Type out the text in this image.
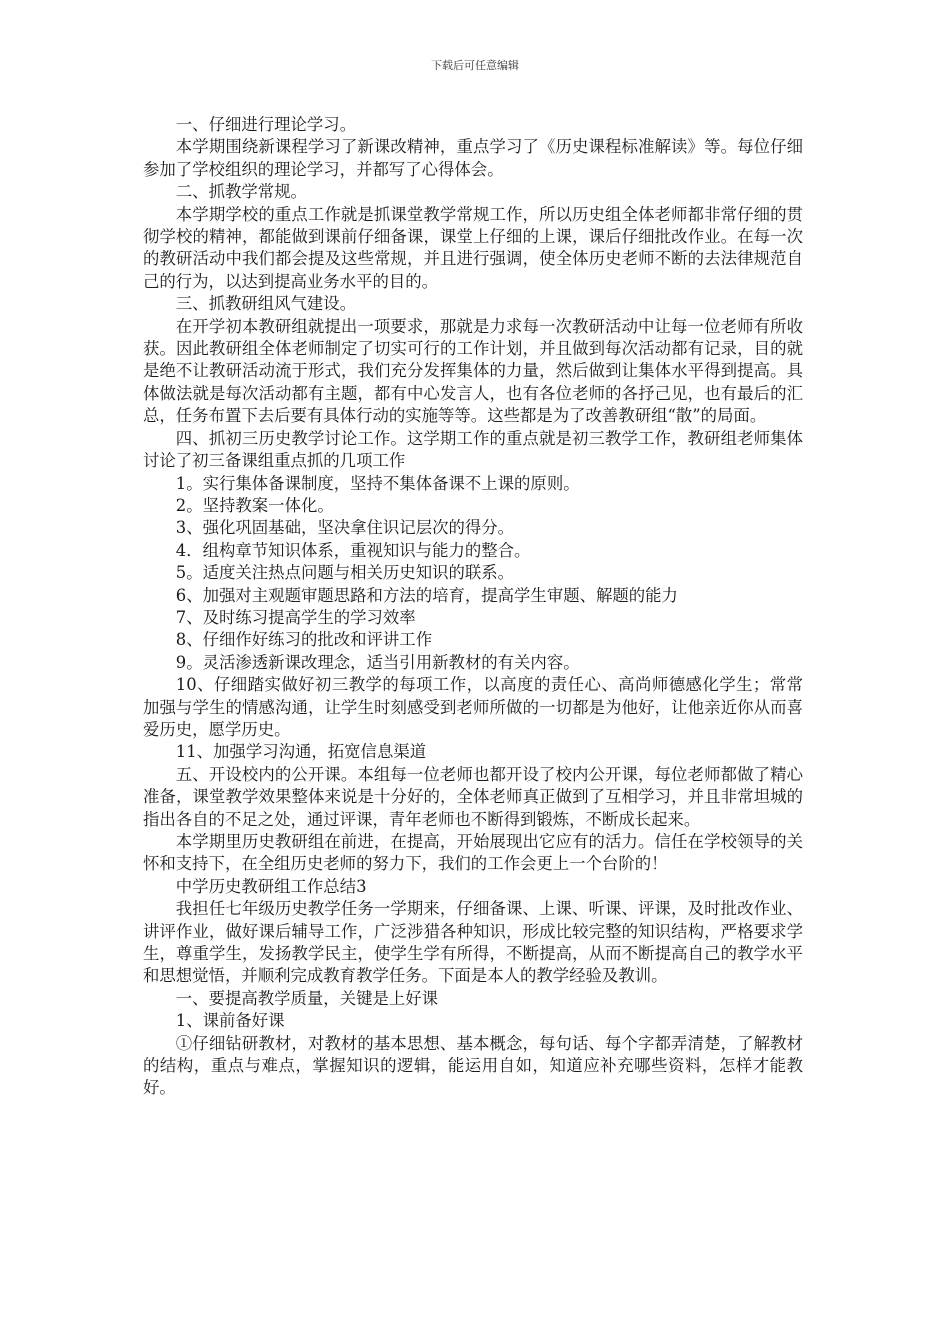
下载后可任意编辑

一、仔细进行理论学习。

本学期围绕新课程学习了新课改精神，重点学习了《历史课程标准解读》等。每位仔细参加了学校组织的理论学习，并都写了心得体会。

二、抓教学常规。

本学期学校的重点工作就是抓课堂教学常规工作，所以历史组全体老师都非常仔细的贯彻学校的精神，都能做到课前仔细备课，课堂上仔细的上课，课后仔细批改作业。在每一次的教研活动中我们都会提及这些常规，并且进行强调，使全体历史老师不断的去法律规范自己的行为，以达到提高业务水平的目的。

三、抓教研组风气建设。

在开学初本教研组就提出一项要求，那就是力求每一次教研活动中让每一位老师有所收获。因此教研组全体老师制定了切实可行的工作计划，并且做到每次活动都有记录，目的就是绝不让教研活动流于形式，我们充分发挥集体的力量，然后做到让集体水平得到提高。具体做法就是每次活动都有主题，都有中心发言人，也有各位老师的各抒己见，也有最后的汇总，任务布置下去后要有具体行动的实施等等。这些都是为了改善教研组“散”的局面。

四、抓初三历史教学讨论工作。这学期工作的重点就是初三教学工作，教研组老师集体讨论了初三备课组重点抓的几项工作

1。实行集体备课制度，坚持不集体备课不上课的原则。

2。坚持教案一体化。

3、强化巩固基础，坚决拿住识记层次的得分。

4．组构章节知识体系，重视知识与能力的整合。

5。适度关注热点问题与相关历史知识的联系。

6、加强对主观题审题思路和方法的培育，提高学生审题、解题的能力

7、及时练习提高学生的学习效率

8、仔细作好练习的批改和评讲工作

9。灵活渗透新课改理念，适当引用新教材的有关内容。

10、仔细踏实做好初三教学的每项工作，以高度的责任心、高尚师德感化学生；常常加强与学生的情感沟通，让学生时刻感受到老师所做的一切都是为他好，让他亲近你从而喜爱历史，愿学历史。

11、加强学习沟通，拓宽信息渠道

五、开设校内的公开课。本组每一位老师也都开设了校内公开课，每位老师都做了精心准备，课堂教学效果整体来说是十分好的，全体老师真正做到了互相学习，并且非常坦城的指出各自的不足之处，通过评课，青年老师也不断得到锻炼，不断成长起来。

本学期里历史教研组在前进，在提高，开始展现出它应有的活力。信任在学校领导的关怀和支持下，在全组历史老师的努力下，我们的工作会更上一个台阶的！

中学历史教研组工作总结3

我担任七年级历史教学任务一学期来，仔细备课、上课、听课、评课，及时批改作业、讲评作业，做好课后辅导工作，广泛涉猎各种知识，形成比较完整的知识结构，严格要求学生，尊重学生，发扬教学民主，使学生学有所得，不断提高，从而不断提高自己的教学水平和思想觉悟，并顺利完成教育教学任务。下面是本人的教学经验及教训。

一、要提高教学质量，关键是上好课

1、课前备好课

①仔细钻研教材，对教材的基本思想、基本概念，每句话、每个字都弄清楚，了解教材的结构，重点与难点，掌握知识的逻辑，能运用自如，知道应补充哪些资料，怎样才能教好。
